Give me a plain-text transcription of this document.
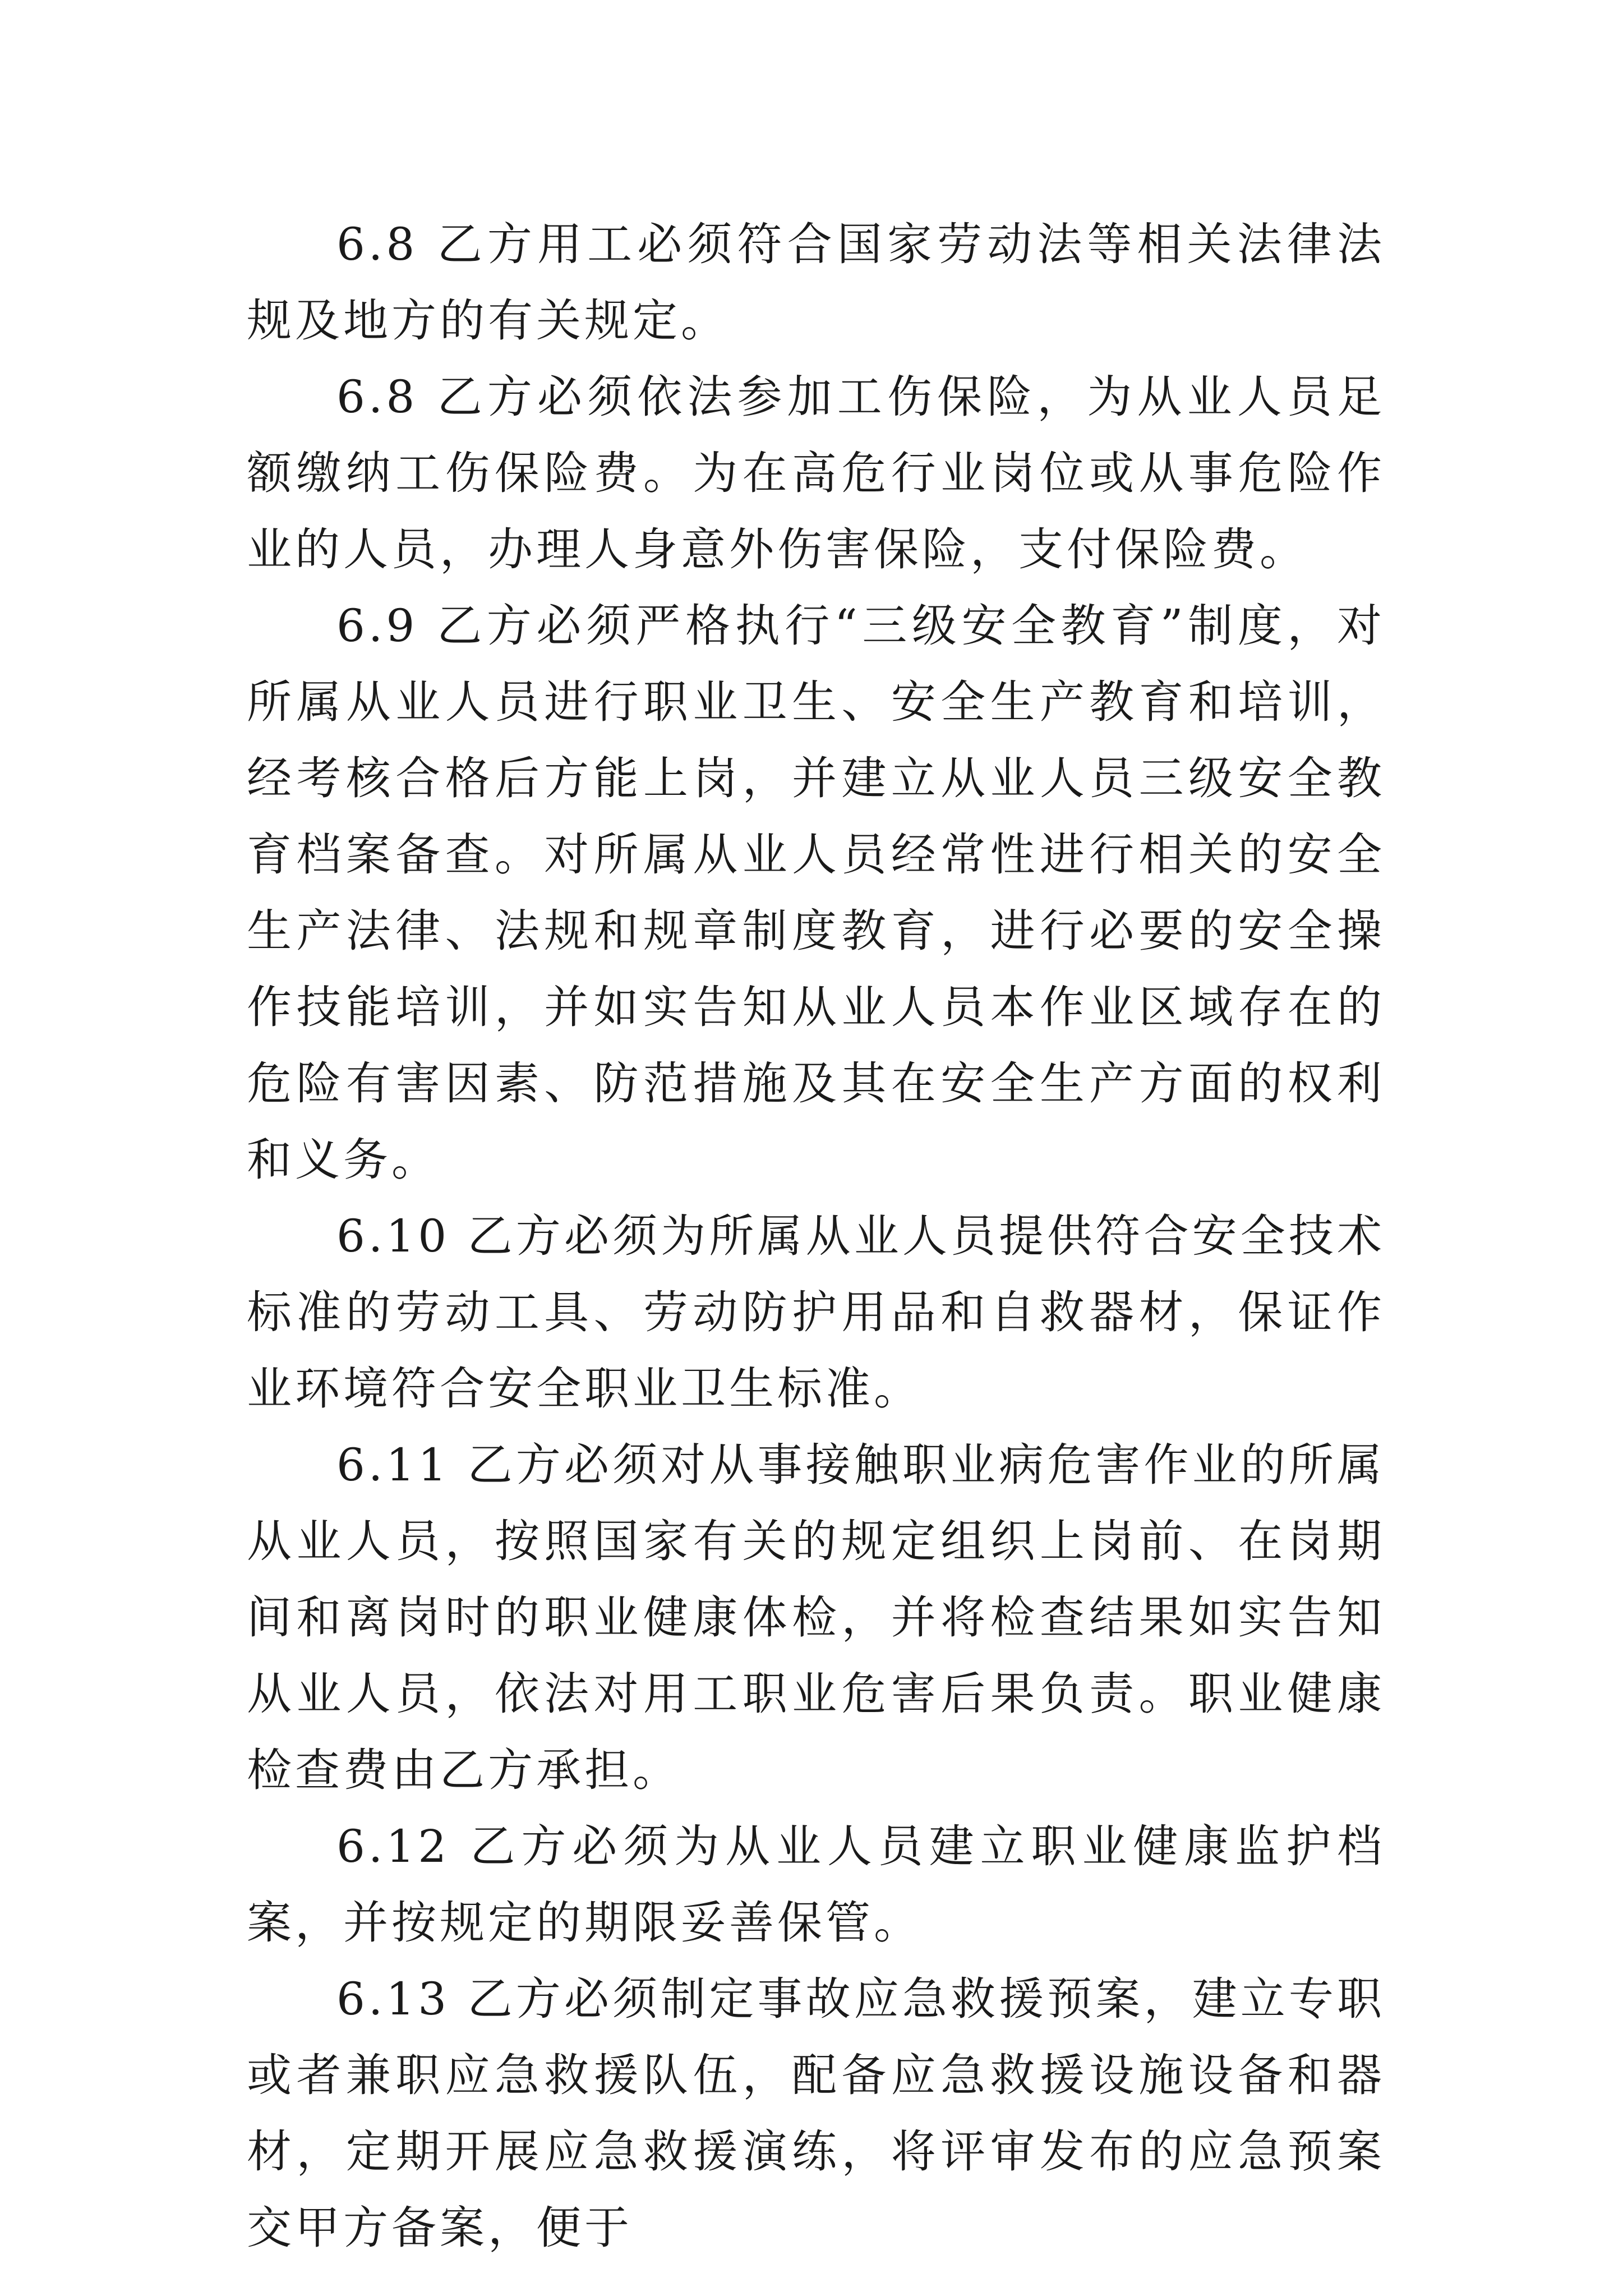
6.8 乙方用工必须符合国家劳动法等相关法律法规及地方的有关规定。

6.8 乙方必须依法参加工伤保险，为从业人员足额缴纳工伤保险费。为在高危行业岗位或从事危险作业的人员，办理人身意外伤害保险，支付保险费。

6.9 乙方必须严格执行“三级安全教育”制度，对所属从业人员进行职业卫生、安全生产教育和培训，经考核合格后方能上岗，并建立从业人员三级安全教育档案备查。对所属从业人员经常性进行相关的安全生产法律、法规和规章制度教育，进行必要的安全操作技能培训，并如实告知从业人员本作业区域存在的危险有害因素、防范措施及其在安全生产方面的权利和义务。

6.10 乙方必须为所属从业人员提供符合安全技术标准的劳动工具、劳动防护用品和自救器材，保证作业环境符合安全职业卫生标准。

6.11 乙方必须对从事接触职业病危害作业的所属从业人员，按照国家有关的规定组织上岗前、在岗期间和离岗时的职业健康体检，并将检查结果如实告知从业人员，依法对用工职业危害后果负责。职业健康检查费由乙方承担。

6.12 乙方必须为从业人员建立职业健康监护档案，并按规定的期限妥善保管。

6.13 乙方必须制定事故应急救援预案，建立专职或者兼职应急救援队伍，配备应急救援设施设备和器材，定期开展应急救援演练，将评审发布的应急预案交甲方备案，便于
